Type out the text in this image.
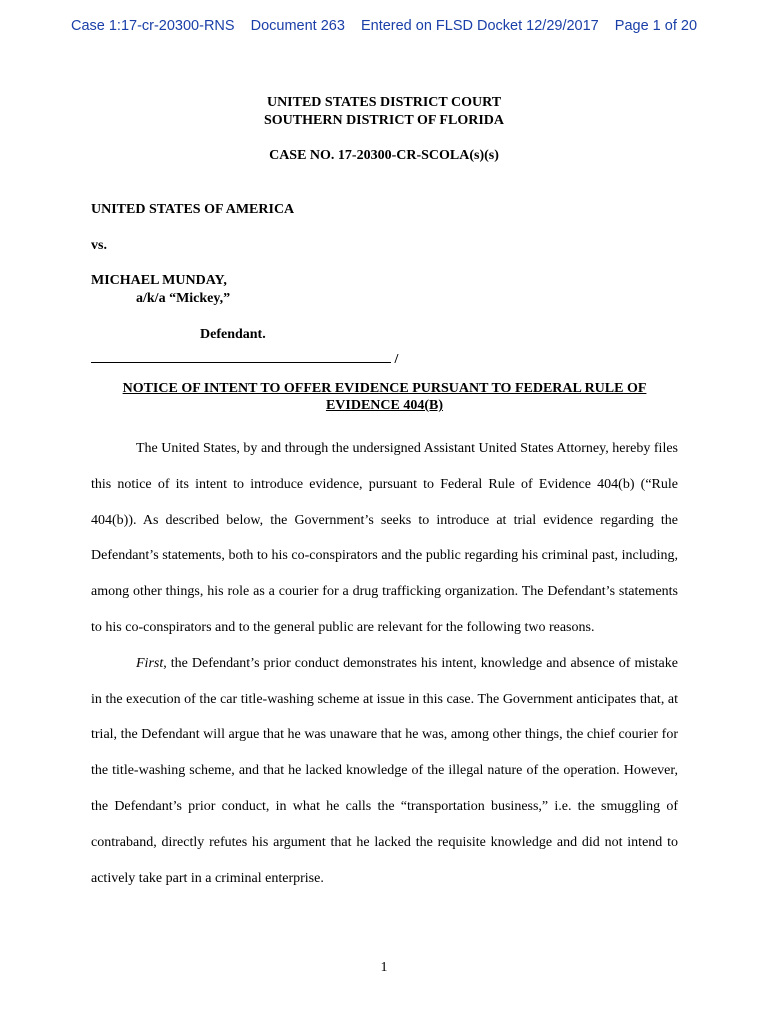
Case 1:17-cr-20300-RNS Document 263 Entered on FLSD Docket 12/29/2017 Page 1 of 20
UNITED STATES DISTRICT COURT
SOUTHERN DISTRICT OF FLORIDA
CASE NO. 17-20300-CR-SCOLA(s)(s)
UNITED STATES OF AMERICA
vs.
MICHAEL MUNDAY,
a/k/a “Mickey,”
Defendant.
/
NOTICE OF INTENT TO OFFER EVIDENCE PURSUANT TO FEDERAL RULE OF
EVIDENCE 404(B)

The United States, by and through the undersigned Assistant United States Attorney, hereby files this notice of its intent to introduce evidence, pursuant to Federal Rule of Evidence 404(b) (“Rule 404(b)). As described below, the Government’s seeks to introduce at trial evidence regarding the Defendant’s statements, both to his co-conspirators and the public regarding his criminal past, including, among other things, his role as a courier for a drug trafficking organization. The Defendant’s statements to his co-conspirators and to the general public are relevant for the following two reasons.

First, the Defendant’s prior conduct demonstrates his intent, knowledge and absence of mistake in the execution of the car title-washing scheme at issue in this case. The Government anticipates that, at trial, the Defendant will argue that he was unaware that he was, among other things, the chief courier for the title-washing scheme, and that he lacked knowledge of the illegal nature of the operation. However, the Defendant’s prior conduct, in what he calls the “transportation business,” i.e. the smuggling of contraband, directly refutes his argument that he lacked the requisite knowledge and did not intend to actively take part in a criminal enterprise.

1
